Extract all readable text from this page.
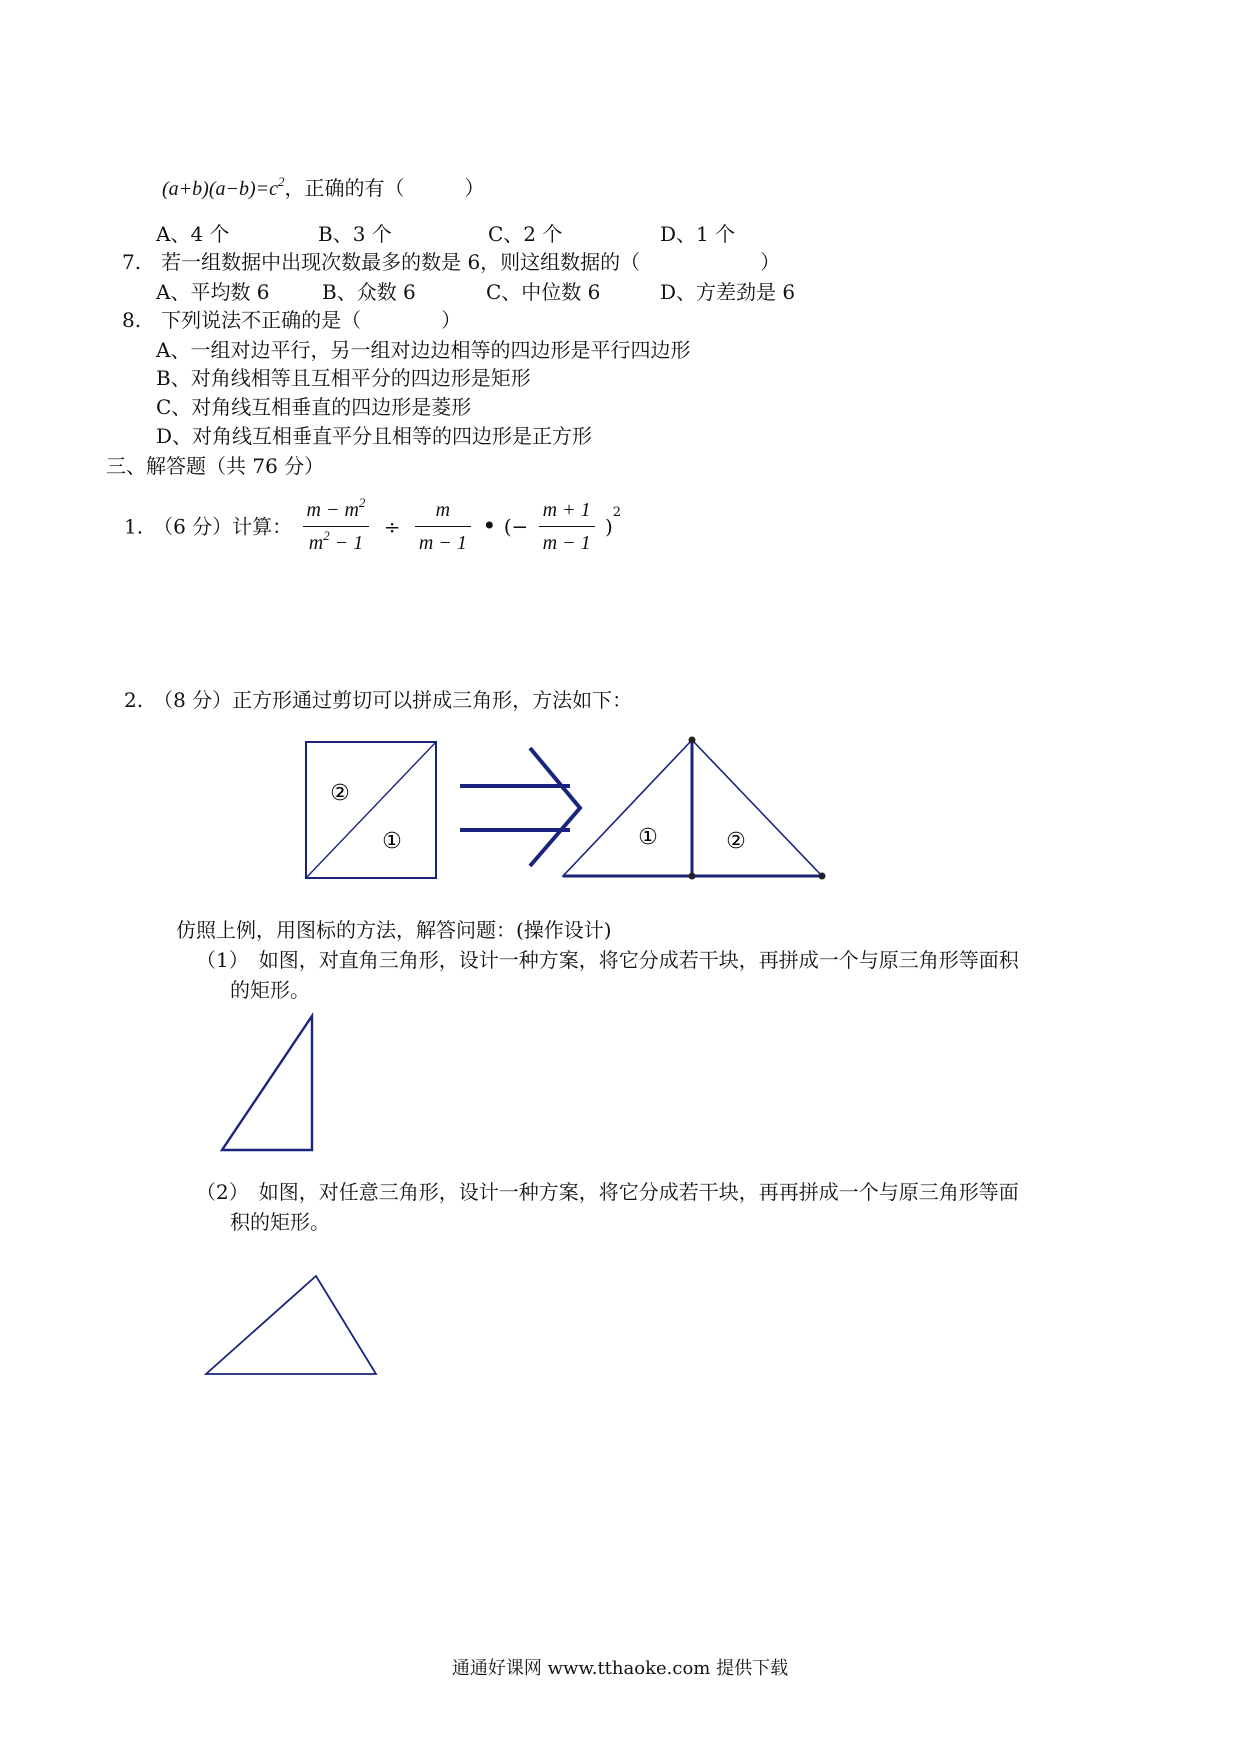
$(a+b)(a-b)=c^2$，正确的有（　　　）
A、4 个	B、3 个	C、2 个	D、1 个
7.　若一组数据中出现次数最多的数是 6，则这组数据的（　　　　　　）
A、平均数 6	B、众数 6	C、中位数 6	D、方差劲是 6
8.　下列说法不正确的是（　　　　）
A、一组对边平行，另一组对边边相等的四边形是平行四边形
B、对角线相等且互相平分的四边形是矩形
C、对角线互相垂直的四边形是菱形
D、对角线互相垂直平分且相等的四边形是正方形
三、解答题（共 76 分）
1.　（6 分）计算： $\frac{m - m^2}{m^2 - 1} \div \frac{m}{m - 1}$ • (− $\frac{m + 1}{m - 1} )^2$
2.　（8 分）正方形通过剪切可以拼成三角形，方法如下：
②
①	①	②
仿照上例，用图标的方法，解答问题：(操作设计)
（1）　如图，对直角三角形，设计一种方案，将它分成若干块，再拼成一个与原三角形等面积
的矩形。
（2）　如图，对任意三角形，设计一种方案，将它分成若干块，再再拼成一个与原三角形等面
积的矩形。
通通好课网 www.tthaoke.com 提供下载
